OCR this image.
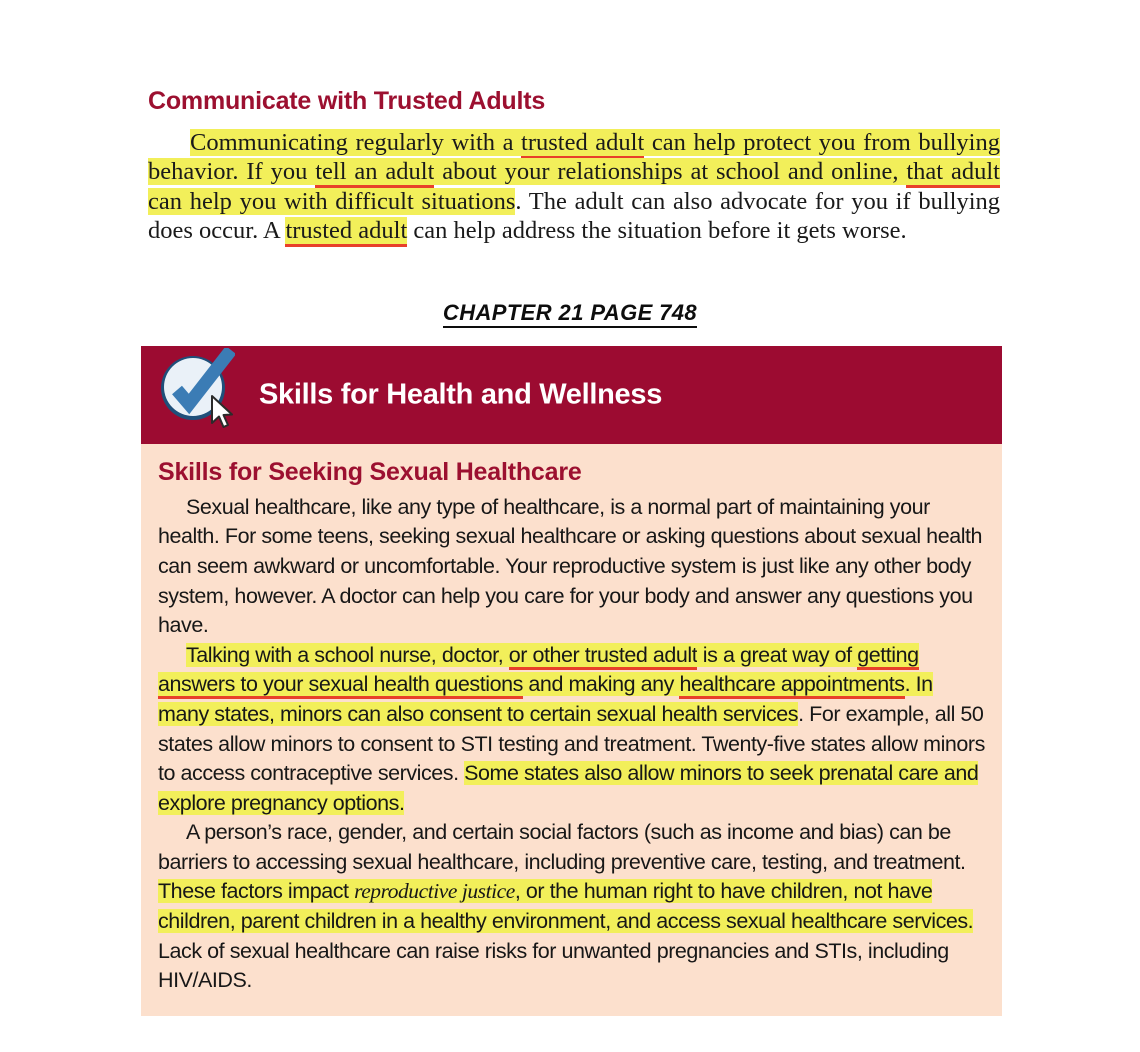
Communicate with Trusted Adults

Communicating regularly with a trusted adult can help protect you from bullying behavior. If you tell an adult about your relationships at school and online, that adult can help you with difficult situations. The adult can also advocate for you if bullying does occur. A trusted adult can help address the situation before it gets worse.

CHAPTER 21 PAGE 748
Skills for Health and Wellness
Skills for Seeking Sexual Healthcare

Sexual healthcare, like any type of healthcare, is a normal part of maintaining your health. For some teens, seeking sexual healthcare or asking questions about sexual health can seem awkward or uncomfortable. Your reproductive system is just like any other body system, however. A doctor can help you care for your body and answer any questions you have.

Talking with a school nurse, doctor, or other trusted adult is a great way of getting answers to your sexual health questions and making any healthcare appointments. In many states, minors can also consent to certain sexual health services. For example, all 50 states allow minors to consent to STI testing and treatment. Twenty-five states allow minors to access contraceptive services. Some states also allow minors to seek prenatal care and explore pregnancy options.

A person’s race, gender, and certain social factors (such as income and bias) can be barriers to accessing sexual healthcare, including preventive care, testing, and treatment. These factors impact reproductive justice, or the human right to have children, not have children, parent children in a healthy environment, and access sexual healthcare services. Lack of sexual healthcare can raise risks for unwanted pregnancies and STIs, including HIV/AIDS.
